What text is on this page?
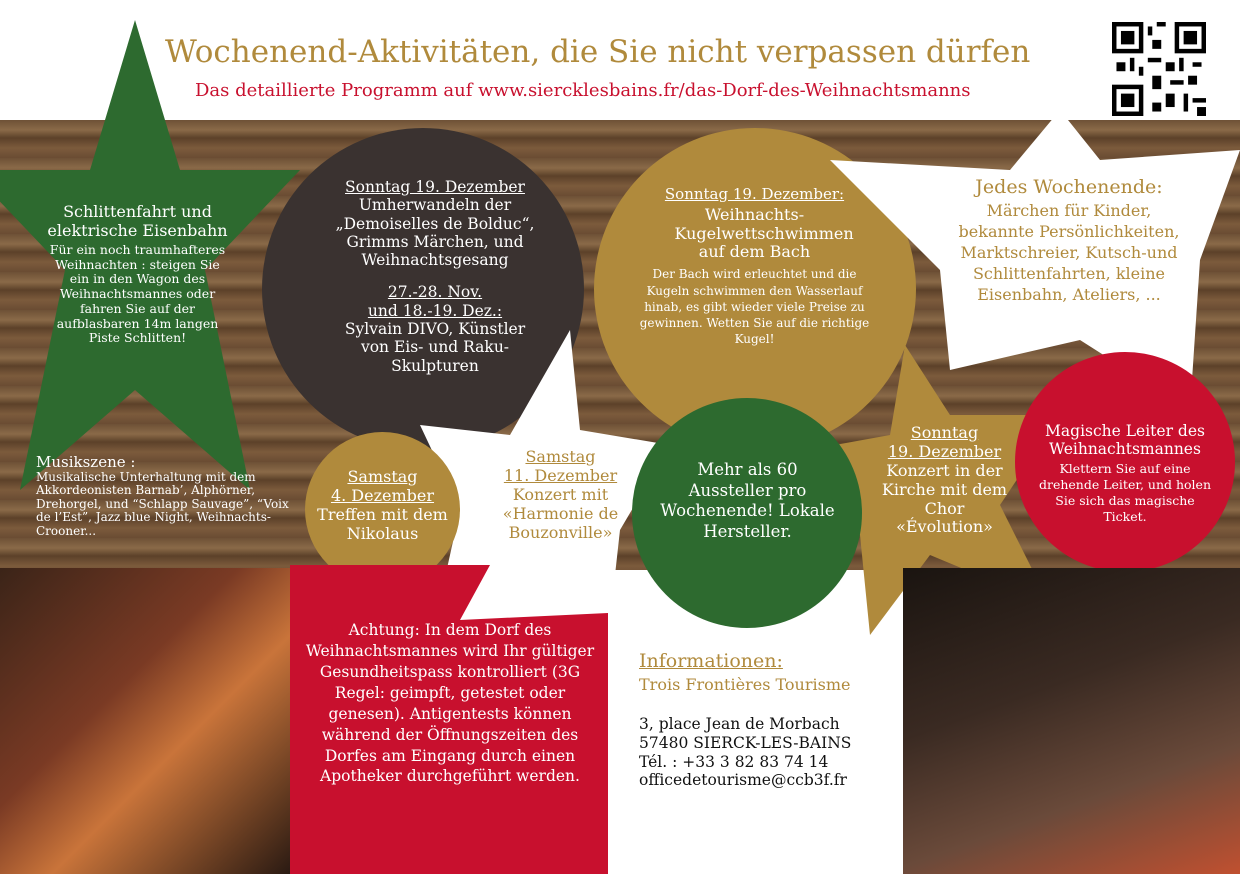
Wochenend-Aktivitäten, die Sie nicht verpassen dürfen
Das detaillierte Programm auf www.siercklesbains.fr/das-Dorf-des-Weihnachtsmanns
Schlittenfahrt und elektrische Eisenbahn
Für ein noch traumhafteres Weihnachten : steigen Sie ein in den Wagon des Weihnachtsmannes oder fahren Sie auf der aufblasbaren 14m langen Piste Schlitten!
Musikszene :
Musikalische Unterhaltung mit dem Akkordeonisten Barnab’, Alphörner, Drehorgel, und “Schlapp Sauvage”, “Voix de l’Est”, Jazz blue Night, Weihnachts-Crooner...
Sonntag 19. Dezember
Umherwandeln der „Demoiselles de Bolduc“, Grimms Märchen, und Weihnachtsgesang
27.-28. Nov.
und 18.-19. Dez.:
Sylvain DIVO, Künstler von Eis- und Raku-Skulpturen
Sonntag 19. Dezember:
Weihnachts-Kugelwettschwimmen auf dem Bach
Der Bach wird erleuchtet und die Kugeln schwimmen den Wasserlauf hinab, es gibt wieder viele Preise zu gewinnen. Wetten Sie auf die richtige Kugel!
Jedes Wochenende:
Märchen für Kinder, bekannte Persönlichkeiten, Marktschreier, Kutsch-und Schlittenfahrten, kleine Eisenbahn, Ateliers, ...
Samstag
4. Dezember
Treffen mit dem Nikolaus
Samstag
11. Dezember
Konzert mit «Harmonie de Bouzonville»
Mehr als 60 Aussteller pro Wochenende! Lokale Hersteller.
Sonntag
19. Dezember
Konzert in der Kirche mit dem Chor «Évolution»
Magische Leiter des Weihnachtsmannes
Klettern Sie auf eine drehende Leiter, und holen Sie sich das magische Ticket.
Achtung: In dem Dorf des Weihnachtsmannes wird Ihr gültiger Gesundheitspass kontrolliert (3G Regel: geimpft, getestet oder genesen). Antigentests können während der Öffnungszeiten des Dorfes am Eingang durch einen Apotheker durchgeführt werden.
Informationen:
Trois Frontières Tourisme
3, place Jean de Morbach
57480 SIERCK-LES-BAINS
Tél. : +33 3 82 83 74 14
officedetourisme@ccb3f.fr
